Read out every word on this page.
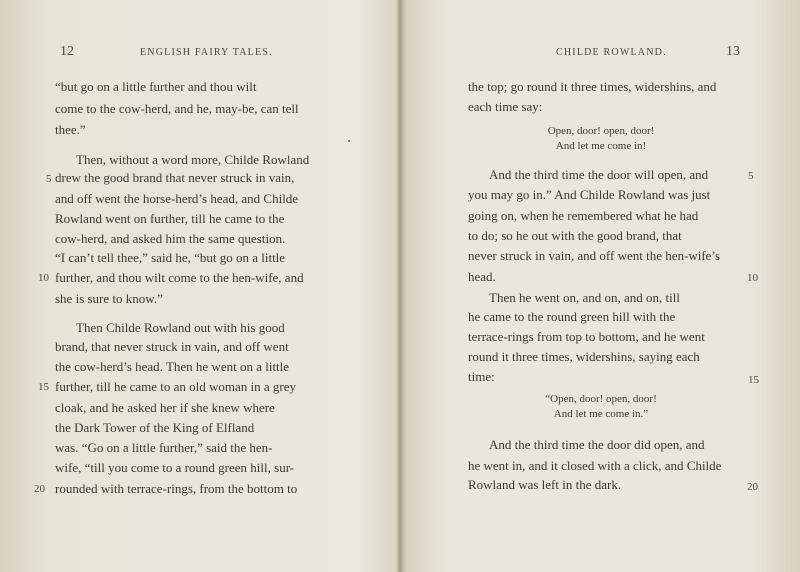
12	ENGLISH FAIRY TALES.
“but go on a little further and thou wilt
come to the cow-herd, and he, may-be, can tell
thee.”
Then, without a word more, Childe Rowland
drew the good brand that never struck in vain,
and off went the horse-herd’s head, and Childe
Rowland went on further, till he came to the
cow-herd, and asked him the same question.
“I can’t tell thee,” said he, “but go on a little
further, and thou wilt come to the hen-wife, and
she is sure to know.”
Then Childe Rowland out with his good
brand, that never struck in vain, and off went
the cow-herd’s head. Then he went on a little
further, till he came to an old woman in a grey
cloak, and he asked her if she knew where
the Dark Tower of the King of Elfland
was. “Go on a little further,” said the hen-
wife, “till you come to a round green hill, sur-
rounded with terrace-rings, from the bottom to
5
10
15
20
CHILDE ROWLAND.	13
the top; go round it three times, widershins, and
each time say:
Open, door! open, door!
And let me come in!
And the third time the door will open, and
you may go in.” And Childe Rowland was just
going on, when he remembered what he had
to do; so he out with the good brand, that
never struck in vain, and off went the hen-wife’s
head.
Then he went on, and on, and on, till
he came to the round green hill with the
terrace-rings from top to bottom, and he went
round it three times, widershins, saying each
time:
“Open, door! open, door!
And let me come in.”
And the third time the door did open, and
he went in, and it closed with a click, and Childe
Rowland was left in the dark.
5
10
15
20
